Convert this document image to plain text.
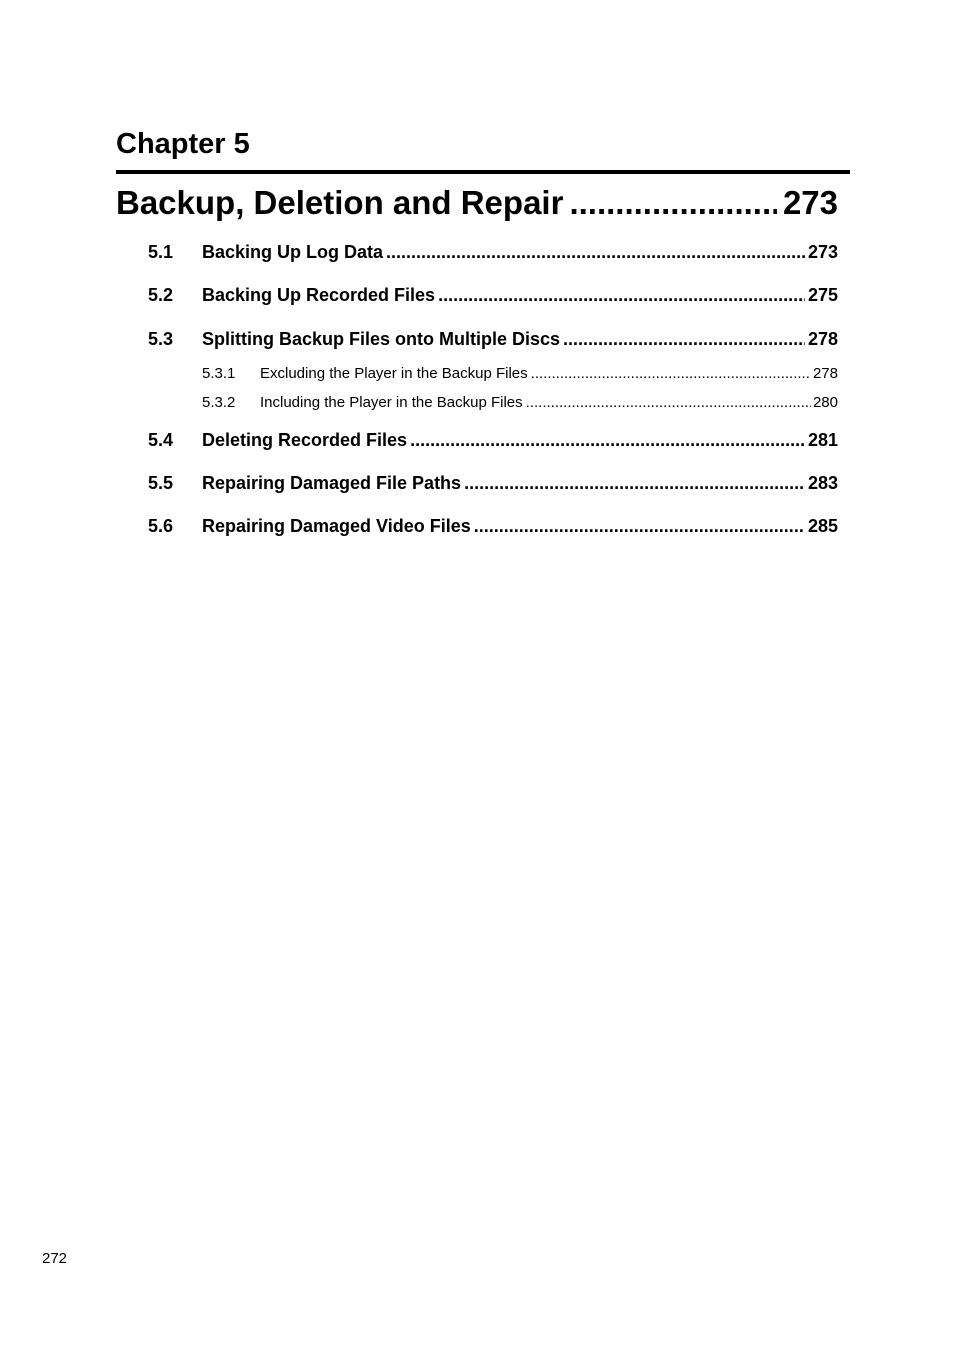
Chapter 5
Backup, Deletion and Repair .....	273
5.1	Backing Up Log Data .....	273
5.2	Backing Up Recorded Files .....	275
5.3	Splitting Backup Files onto Multiple Discs .....	278
5.3.1	Excluding the Player in the Backup Files .....	278
5.3.2	Including the Player in the Backup Files .....	280
5.4	Deleting Recorded Files .....	281
5.5	Repairing Damaged File Paths .....	283
5.6	Repairing Damaged Video Files .....	285
272
